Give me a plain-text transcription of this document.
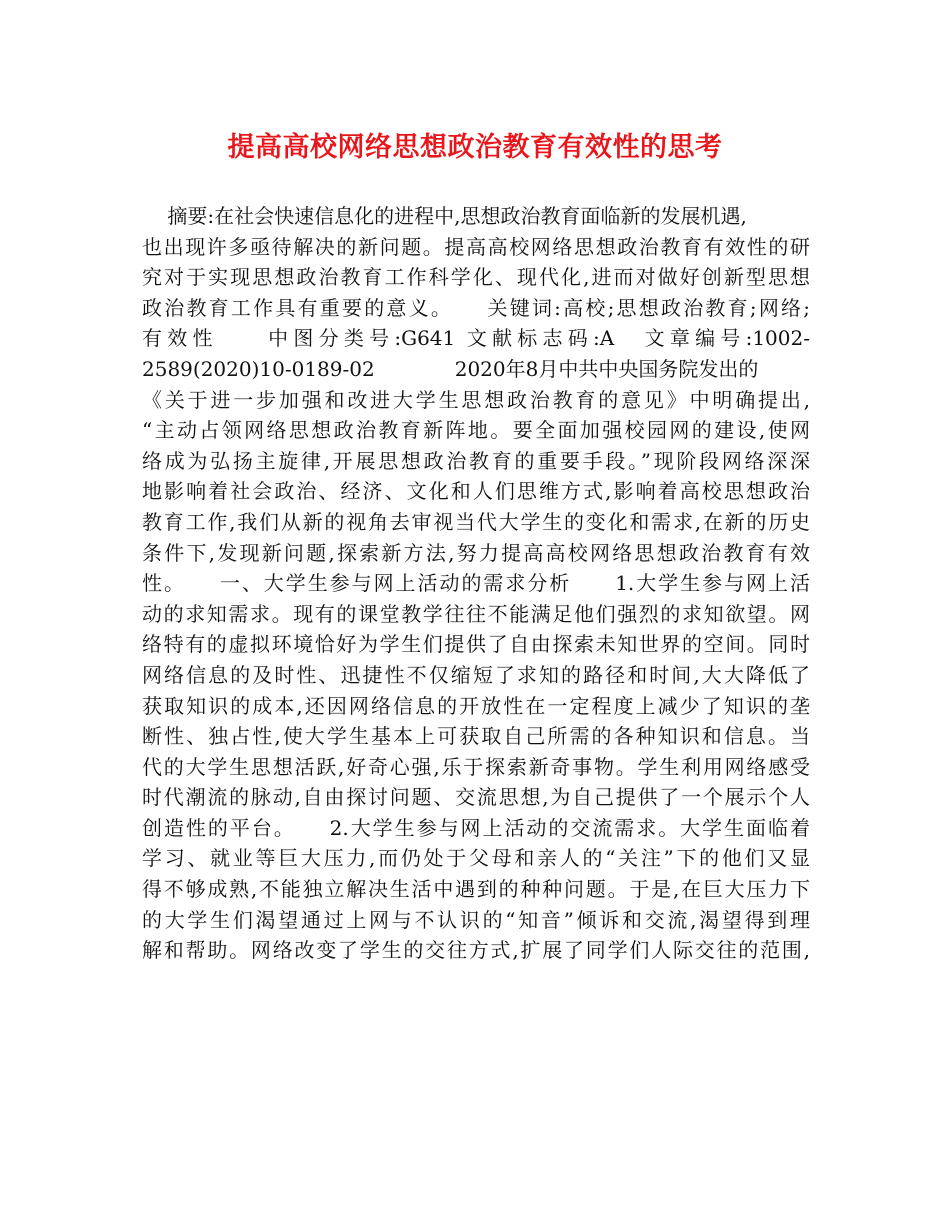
提高高校网络思想政治教育有效性的思考
摘要:在社会快速信息化的进程中,思想政治教育面临新的发展机遇,
也出现许多亟待解决的新问题。提高高校网络思想政治教育有效性的研
究对于实现思想政治教育工作科学化、现代化,进而对做好创新型思想
政治教育工作具有重要的意义。　　关键词:高校;思想政治教育;网络;
有效性　　中图分类号:G641 文献标志码:A　文章编号:1002-
2589(2020)10-0189-02　　　　2020年8月中共中央国务院发出的
《关于进一步加强和改进大学生思想政治教育的意见》中明确提出,
“主动占领网络思想政治教育新阵地。要全面加强校园网的建设,使网
络成为弘扬主旋律,开展思想政治教育的重要手段。”现阶段网络深深
地影响着社会政治、经济、文化和人们思维方式,影响着高校思想政治
教育工作,我们从新的视角去审视当代大学生的变化和需求,在新的历史
条件下,发现新问题,探索新方法,努力提高高校网络思想政治教育有效
性。　　一、大学生参与网上活动的需求分析　　1.大学生参与网上活
动的求知需求。现有的课堂教学往往不能满足他们强烈的求知欲望。网
络特有的虚拟环境恰好为学生们提供了自由探索未知世界的空间。同时
网络信息的及时性、迅捷性不仅缩短了求知的路径和时间,大大降低了
获取知识的成本,还因网络信息的开放性在一定程度上减少了知识的垄
断性、独占性,使大学生基本上可获取自己所需的各种知识和信息。当
代的大学生思想活跃,好奇心强,乐于探索新奇事物。学生利用网络感受
时代潮流的脉动,自由探讨问题、交流思想,为自己提供了一个展示个人
创造性的平台。　　2.大学生参与网上活动的交流需求。大学生面临着
学习、就业等巨大压力,而仍处于父母和亲人的“关注”下的他们又显
得不够成熟,不能独立解决生活中遇到的种种问题。于是,在巨大压力下
的大学生们渴望通过上网与不认识的“知音”倾诉和交流,渴望得到理
解和帮助。网络改变了学生的交往方式,扩展了同学们人际交往的范围,
